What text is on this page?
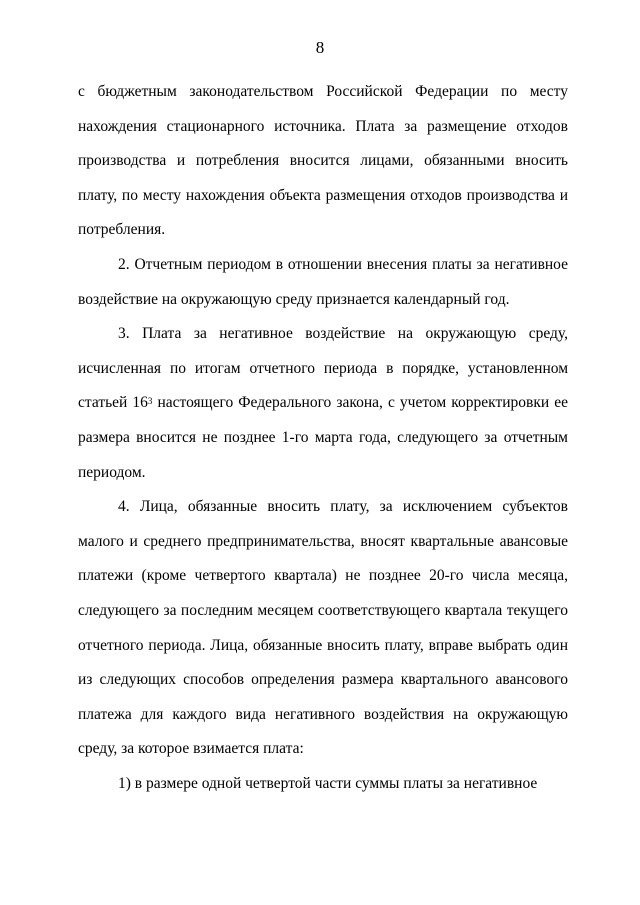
8

с бюджетным законодательством Российской Федерации по месту нахождения стационарного источника. Плата за размещение отходов производства и потребления вносится лицами, обязанными вносить плату, по месту нахождения объекта размещения отходов производства и потребления.

2. Отчетным периодом в отношении внесения платы за негативное воздействие на окружающую среду признается календарный год.

3. Плата за негативное воздействие на окружающую среду, исчисленная по итогам отчетного периода в порядке, установленном статьей $16^3$ настоящего Федерального закона, с учетом корректировки ее размера вносится не позднее 1-го марта года, следующего за отчетным периодом.

4. Лица, обязанные вносить плату, за исключением субъектов малого и среднего предпринимательства, вносят квартальные авансовые платежи (кроме четвертого квартала) не позднее 20-го числа месяца, следующего за последним месяцем соответствующего квартала текущего отчетного периода. Лица, обязанные вносить плату, вправе выбрать один из следующих способов определения размера квартального авансового платежа для каждого вида негативного воздействия на окружающую среду, за которое взимается плата:

1) в размере одной четвертой части суммы платы за негативное
